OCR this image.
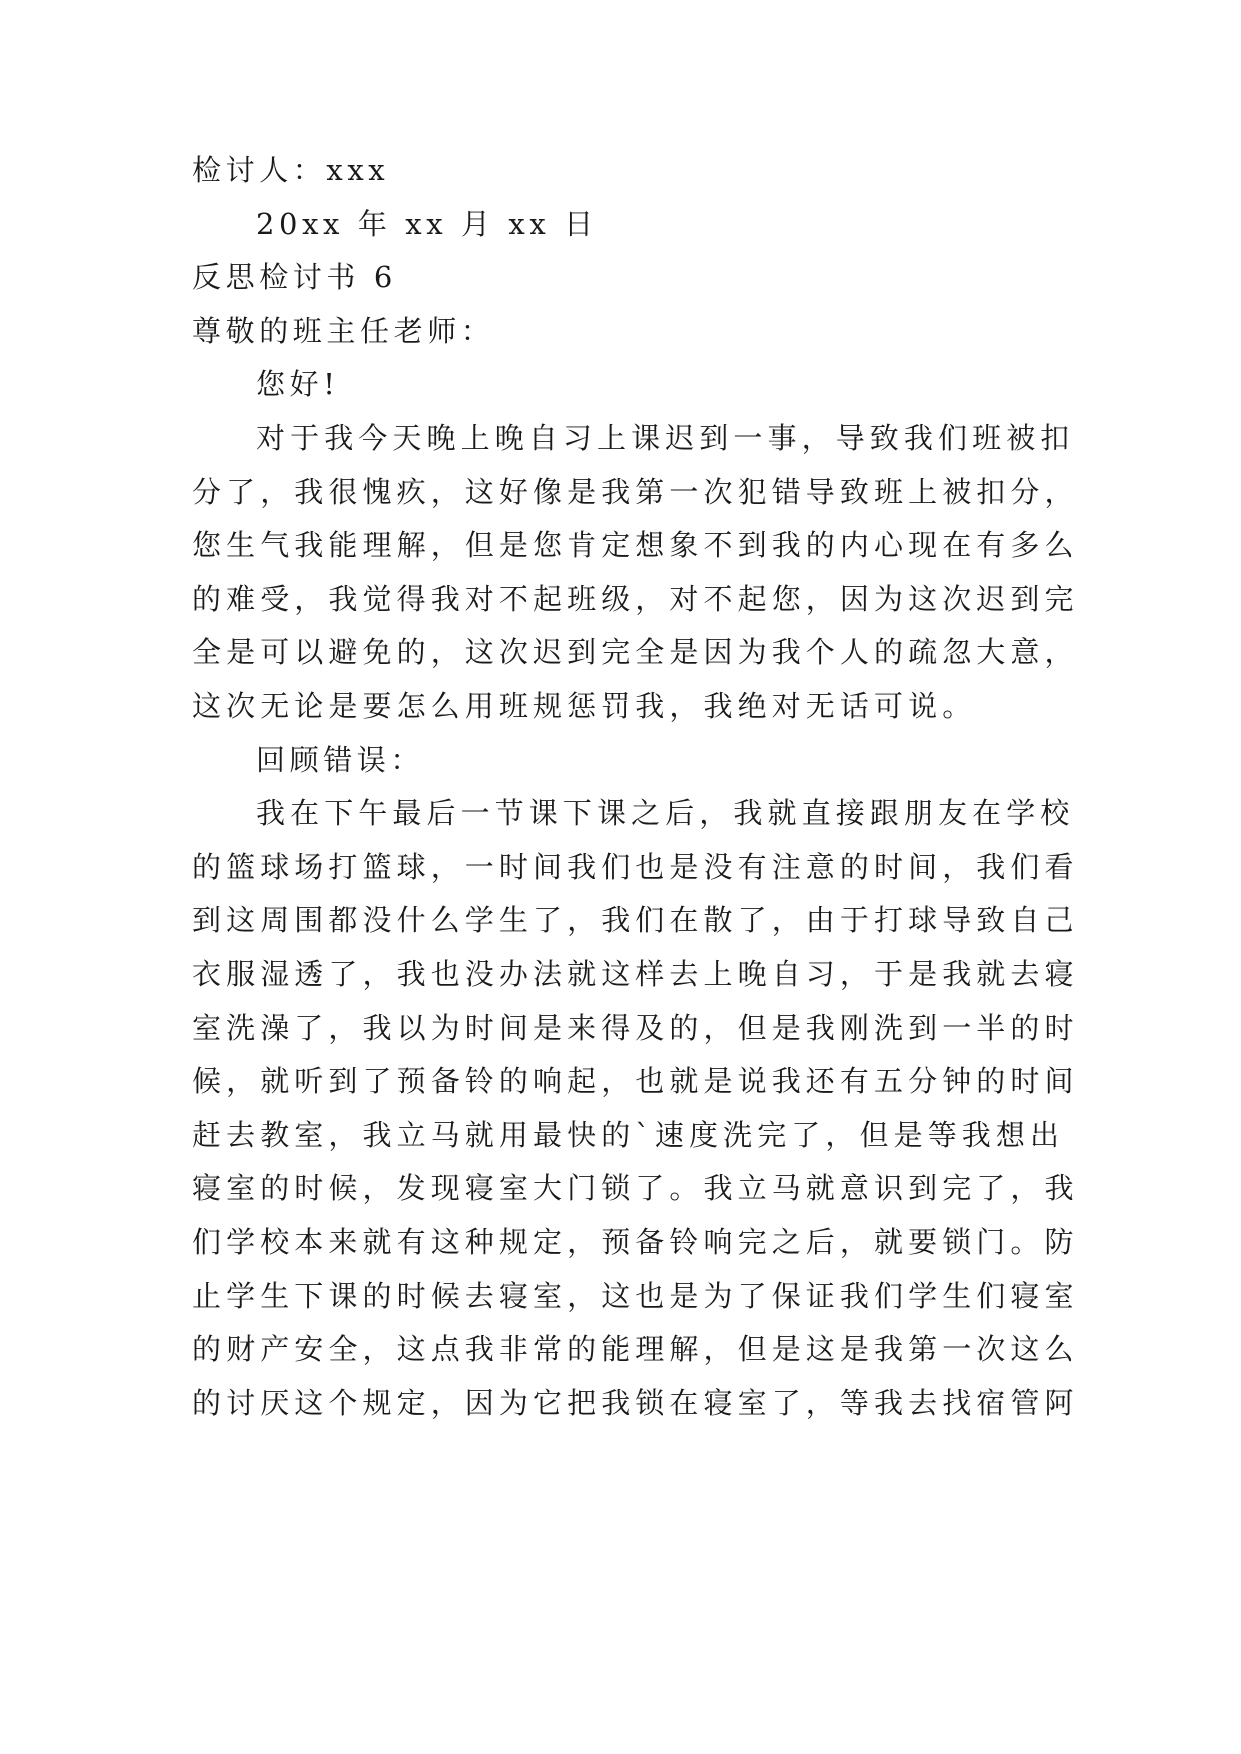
检讨人：xxx
20xx 年 xx 月 xx 日
反思检讨书 6
尊敬的班主任老师：
您好!
对于我今天晚上晚自习上课迟到一事，导致我们班被扣
分了，我很愧疚，这好像是我第一次犯错导致班上被扣分，
您生气我能理解，但是您肯定想象不到我的内心现在有多么
的难受，我觉得我对不起班级，对不起您，因为这次迟到完
全是可以避免的，这次迟到完全是因为我个人的疏忽大意，
这次无论是要怎么用班规惩罚我，我绝对无话可说。
回顾错误：
我在下午最后一节课下课之后，我就直接跟朋友在学校
的篮球场打篮球，一时间我们也是没有注意的时间，我们看
到这周围都没什么学生了，我们在散了，由于打球导致自己
衣服湿透了，我也没办法就这样去上晚自习，于是我就去寝
室洗澡了，我以为时间是来得及的，但是我刚洗到一半的时
候，就听到了预备铃的响起，也就是说我还有五分钟的时间
赶去教室，我立马就用最快的`速度洗完了，但是等我想出
寝室的时候，发现寝室大门锁了。我立马就意识到完了，我
们学校本来就有这种规定，预备铃响完之后，就要锁门。防
止学生下课的时候去寝室，这也是为了保证我们学生们寝室
的财产安全，这点我非常的能理解，但是这是我第一次这么
的讨厌这个规定，因为它把我锁在寝室了，等我去找宿管阿
